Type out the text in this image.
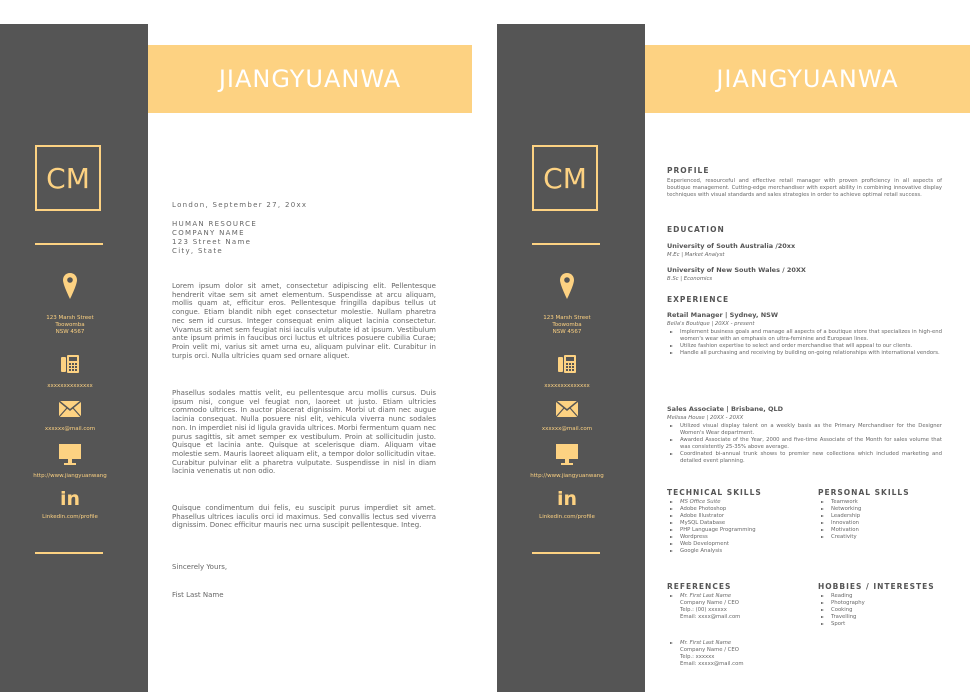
JIANGYUANWA
CM
123 Marsh Street
Toowomba
NSW 4567
xxxxxxxxxxxxxx
xxxxxx@mail.com
http://www.jiangyuanwang
in
Linkedin.com/profile
London, September 27, 20xx
HUMAN RESOURCE
COMPANY NAME
123 Street Name
City, State
Lorem ipsum dolor sit amet, consectetur adipiscing elit. Pellentesque hendrerit vitae sem sit amet elementum. Suspendisse at arcu aliquam, mollis quam at, efficitur eros. Pellentesque fringilla dapibus tellus ut congue. Etiam blandit nibh eget consectetur molestie. Nullam pharetra nec sem id cursus. Integer consequat enim aliquet lacinia consectetur. Vivamus sit amet sem feugiat nisi iaculis vulputate id at ipsum. Vestibulum ante ipsum primis in faucibus orci luctus et ultrices posuere cubilia Curae; Proin velit mi, varius sit amet urna eu, aliquam pulvinar elit. Curabitur in turpis orci. Nulla ultricies quam sed ornare aliquet.
Phasellus sodales mattis velit, eu pellentesque arcu mollis cursus. Duis ipsum nisi, congue vel feugiat non, laoreet ut justo. Etiam ultricies commodo ultrices. In auctor placerat dignissim. Morbi ut diam nec augue lacinia consequat. Nulla posuere nisl elit, vehicula viverra nunc sodales non. In imperdiet nisi id ligula gravida ultrices. Morbi fermentum quam nec purus sagittis, sit amet semper ex vestibulum. Proin at sollicitudin justo. Quisque et lacinia ante. Quisque at scelerisque diam. Aliquam vitae molestie sem. Mauris laoreet aliquam elit, a tempor dolor sollicitudin vitae. Curabitur pulvinar elit a pharetra vulputate. Suspendisse in nisl in diam lacinia venenatis ut non odio.
Quisque condimentum dui felis, eu suscipit purus imperdiet sit amet. Phasellus ultrices iaculis orci id maximus. Sed convallis lectus sed viverra dignissim. Donec efficitur mauris nec urna suscipit pellentesque. Integ.
Sincerely Yours,
Fist Last Name
JIANGYUANWA
CM
123 Marsh Street
Toowomba
NSW 4567
xxxxxxxxxxxxxx
xxxxxx@mail.com
http://www.jiangyuanwang
in
Linkedin.com/profile
PROFILE
Experienced, resourceful and effective retail manager with proven proficiency in all aspects of boutique management. Cutting-edge merchandiser with expert ability in combining innovative display techniques with visual standards and sales strategies in order to achieve optimal retail success.
EDUCATION
University of South Australia /20xx
M.Ec | Market Analyst
University of New South Wales / 20XX
B.Sc | Economics
EXPERIENCE
Retail Manager | Sydney, NSW
Bella's Boutique | 20XX - present
Implement business goals and manage all aspects of a boutique store that specializes in high-end women's wear with an emphasis on ultra-feminine and European lines.
Utilize fashion expertise to select and order merchandise that will appeal to our clients.
Handle all purchasing and receiving by building on-going relationships with international vendors.
Sales Associate | Brisbane, QLD
Melissa House | 20XX - 20XX
Utilized visual display talent on a weekly basis as the Primary Merchandiser for the Designer Women's Wear department.
Awarded Associate of the Year, 2000 and five-time Associate of the Month for sales volume that was consistently 25-35% above average.
Coordinated bi-annual trunk shows to premier new collections which included marketing and detailed event planning.
TECHNICAL SKILLS
MS Office Suite
Adobe Photoshop
Adobe Illustrator
MySQL Database
PHP Language Programming
Wordpress
Web Development
Google Analysis
PERSONAL SKILLS
Teamwork
Networking
Leadership
Innovation
Motivation
Creativity
REFERENCES
Mr. First Last Name
Company Name / CEO
Telp.: (00) xxxxxx
Email: xxxx@mail.com
Mr. First Last Name
Company Name / CEO
Telp.: xxxxxx
Email: xxxxx@mail.com
HOBBIES / INTERESTES
Reading
Photography
Cooking
Travelling
Sport
